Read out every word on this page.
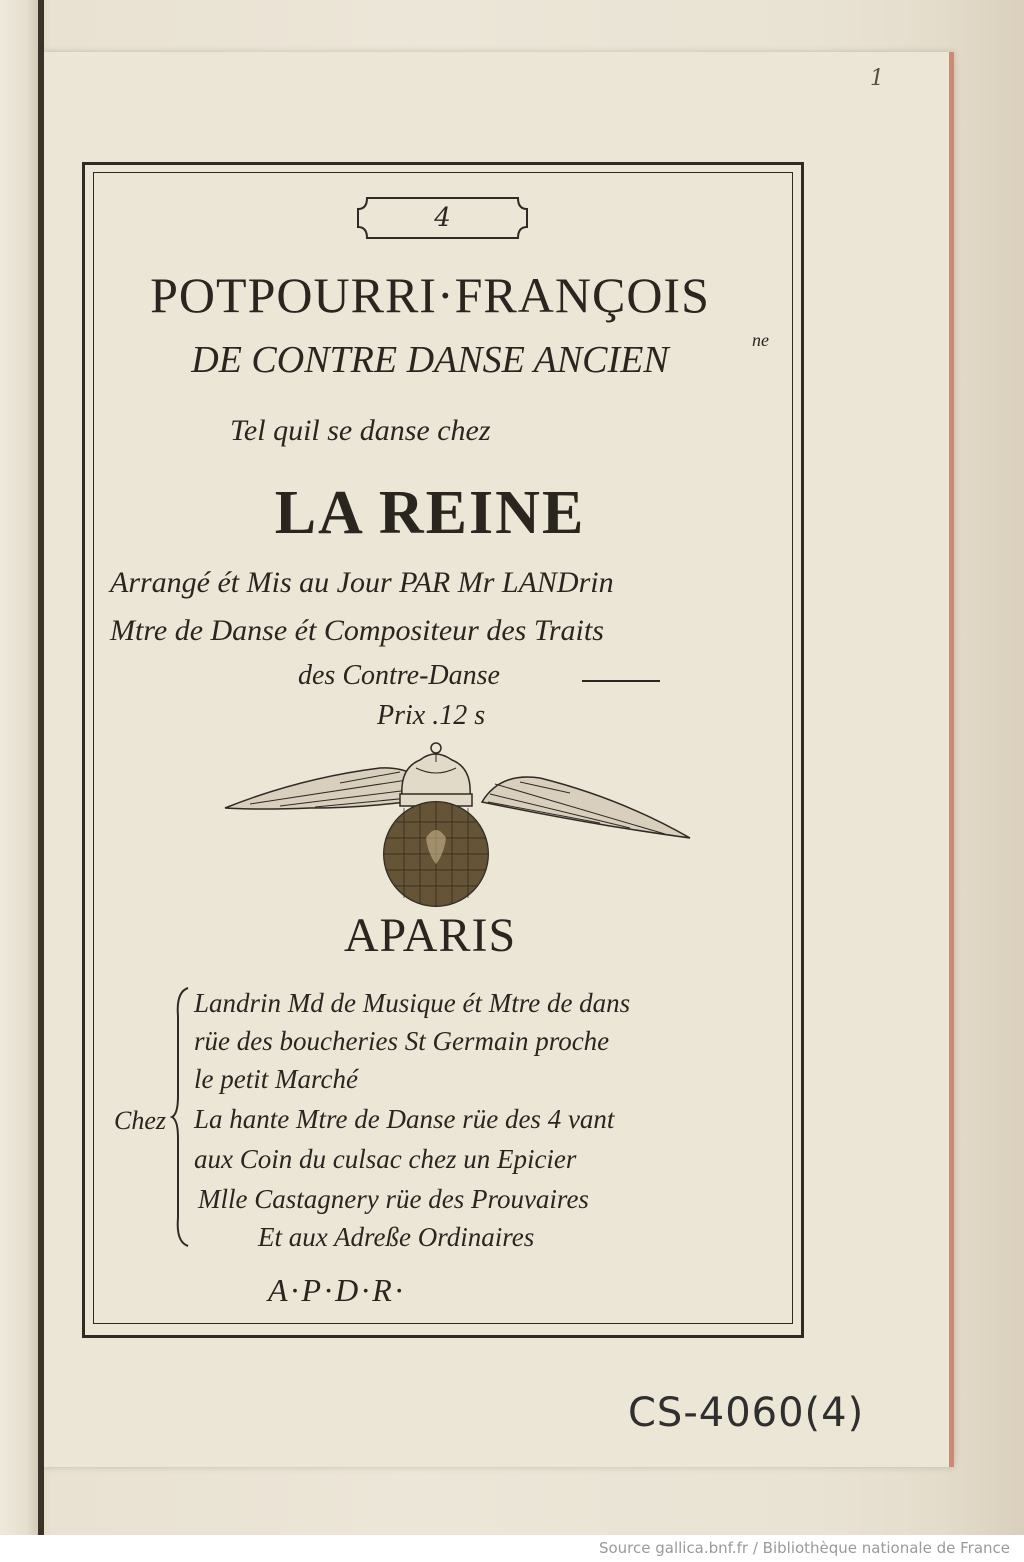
1
4
POTPOURRI·FRANÇOIS
DE CONTRE DANSE ANCIEN	ne
Tel quil se danse chez
LA REINE
Arrangé ét Mis au Jour PAR Mr LANDrin
Mtre de Danse ét Compositeur des Traits
des Contre-Danse
Prix .12 s
APARIS
Chez
Landrin Md de Musique ét Mtre de dans
rüe des boucheries St Germain proche
le petit Marché
La hante Mtre de Danse rüe des 4 vant
aux Coin du culsac chez un Epicier
Mlle Castagnery rüe des Prouvaires
Et aux Adreße Ordinaires
A·P·D·R·
CS-4060(4)
Source gallica.bnf.fr / Bibliothèque nationale de France
